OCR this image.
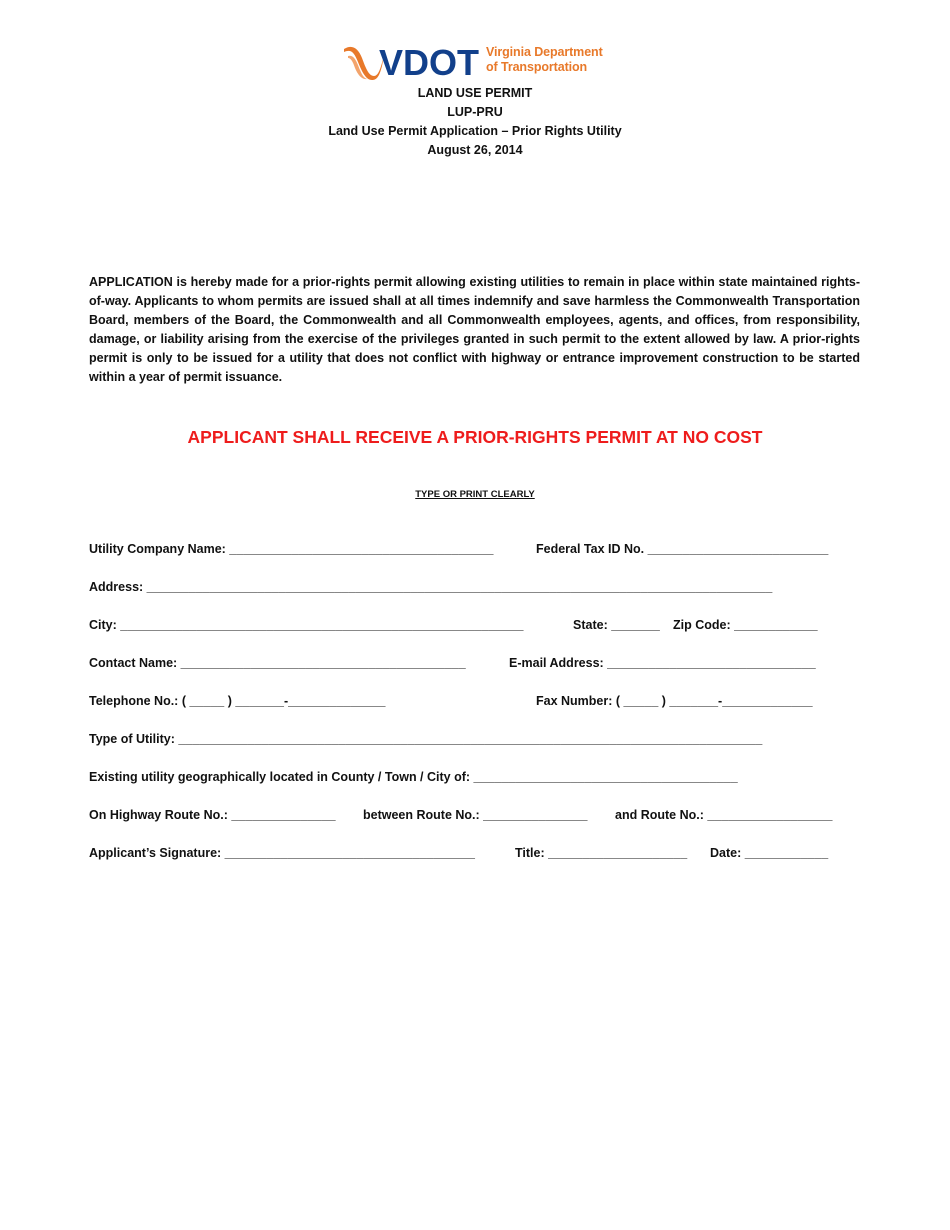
VDOT Virginia Department
of Transportation
LAND USE PERMIT
LUP-PRU
Land Use Permit Application – Prior Rights Utility
August 26, 2014
APPLICATION is hereby made for a prior-rights permit allowing existing utilities to remain in place within state maintained rights-of-way. Applicants to whom permits are issued shall at all times indemnify and save harmless the Commonwealth Transportation Board, members of the Board, the Commonwealth and all Commonwealth employees, agents, and offices, from responsibility, damage, or liability arising from the exercise of the privileges granted in such permit to the extent allowed by law. A prior-rights permit is only to be issued for a utility that does not conflict with highway or entrance improvement construction to be started within a year of permit issuance.
APPLICANT SHALL RECEIVE A PRIOR-RIGHTS PERMIT AT NO COST
TYPE OR PRINT CLEARLY
Utility Company Name: ______________________________________	Federal Tax ID No. __________________________
Address: __________________________________________________________________________________________
City: __________________________________________________________	State: _______ Zip Code: ____________
Contact Name: _________________________________________	E-mail Address: ______________________________
Telephone No.: ( _____ ) _______-______________	Fax Number: ( _____ ) _______-_____________
Type of Utility: ____________________________________________________________________________________
Existing utility geographically located in County / Town / City of: ______________________________________
On Highway Route No.: _______________ between Route No.: _______________ and Route No.: __________________
Applicant’s Signature: ____________________________________	Title: ____________________ Date: ____________
